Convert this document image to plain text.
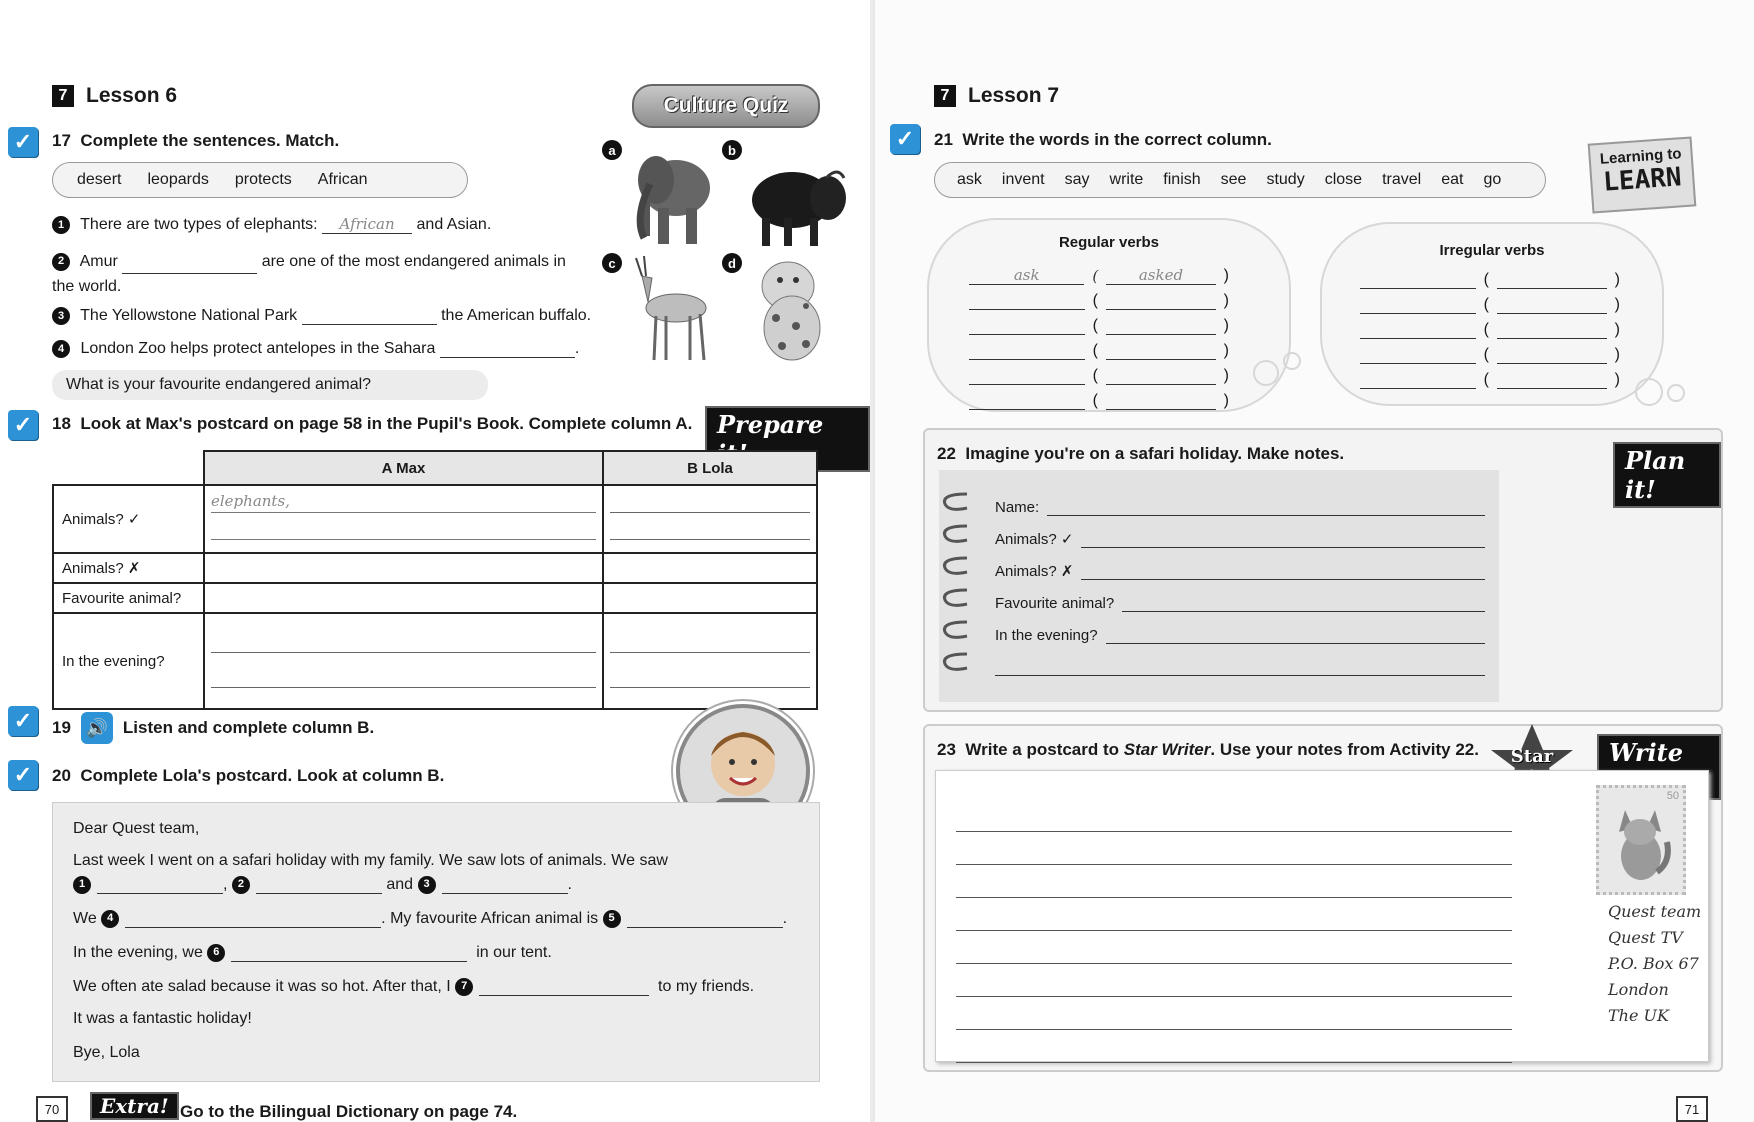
7 Lesson 6	Culture Quiz
✓	17 Complete the sentences. Match.
desert leopards protects African
1 There are two types of elephants: African and Asian.
2 Amur	are one of the most endangered animals in the world.
3 The Yellowstone National Park	the American buffalo.
4 London Zoo helps protect antelopes in the Sahara	.
What is your favourite endangered animal?
a	b
c	d
✓	18 Look at Max's postcard on page 58 in the Pupil's Book. Complete column A.	Prepare
	A Max	B Lola
Animals? ✓	elephants,	

Animals? ✗		
Favourite animal?		
In the evening?	

✓	19 🔊 Listen and complete column B.
✓	20 Complete Lola's postcard. Look at column B.
Dear Quest team,
Last week I went on a safari holiday with my family. We saw lots of animals. We saw
1	, 2	and 3	.
We 4	. My favourite African animal is 5	.
In the evening, we 6	in our tent.
We often ate salad because it was so hot. After that, I 7	to my friends.
It was a fantastic holiday!
Bye, Lola
70	Extra! Go to the Bilingual Dictionary on page 74.
7 Lesson 7
Learning to
LEARN
✓	21 Write the words in the correct column.
ask invent say write finish see study close travel eat go
Regular verbs
ask	(	asked	)
(	)
(	)
(	)
(	)
(	)
Irregular verbs
(	)
(	)
(	)
(	)
(	)
22 Imagine you're on a safari holiday. Make notes.	Plan it!
Name:
Animals? ✓
Animals? ✗
Favourite animal?
In the evening?
23 Write a postcard to Star Writer. Use your notes from Activity 22.	Star	Write
50
Quest team
Quest TV
P.O. Box 67
London
The UK
71
